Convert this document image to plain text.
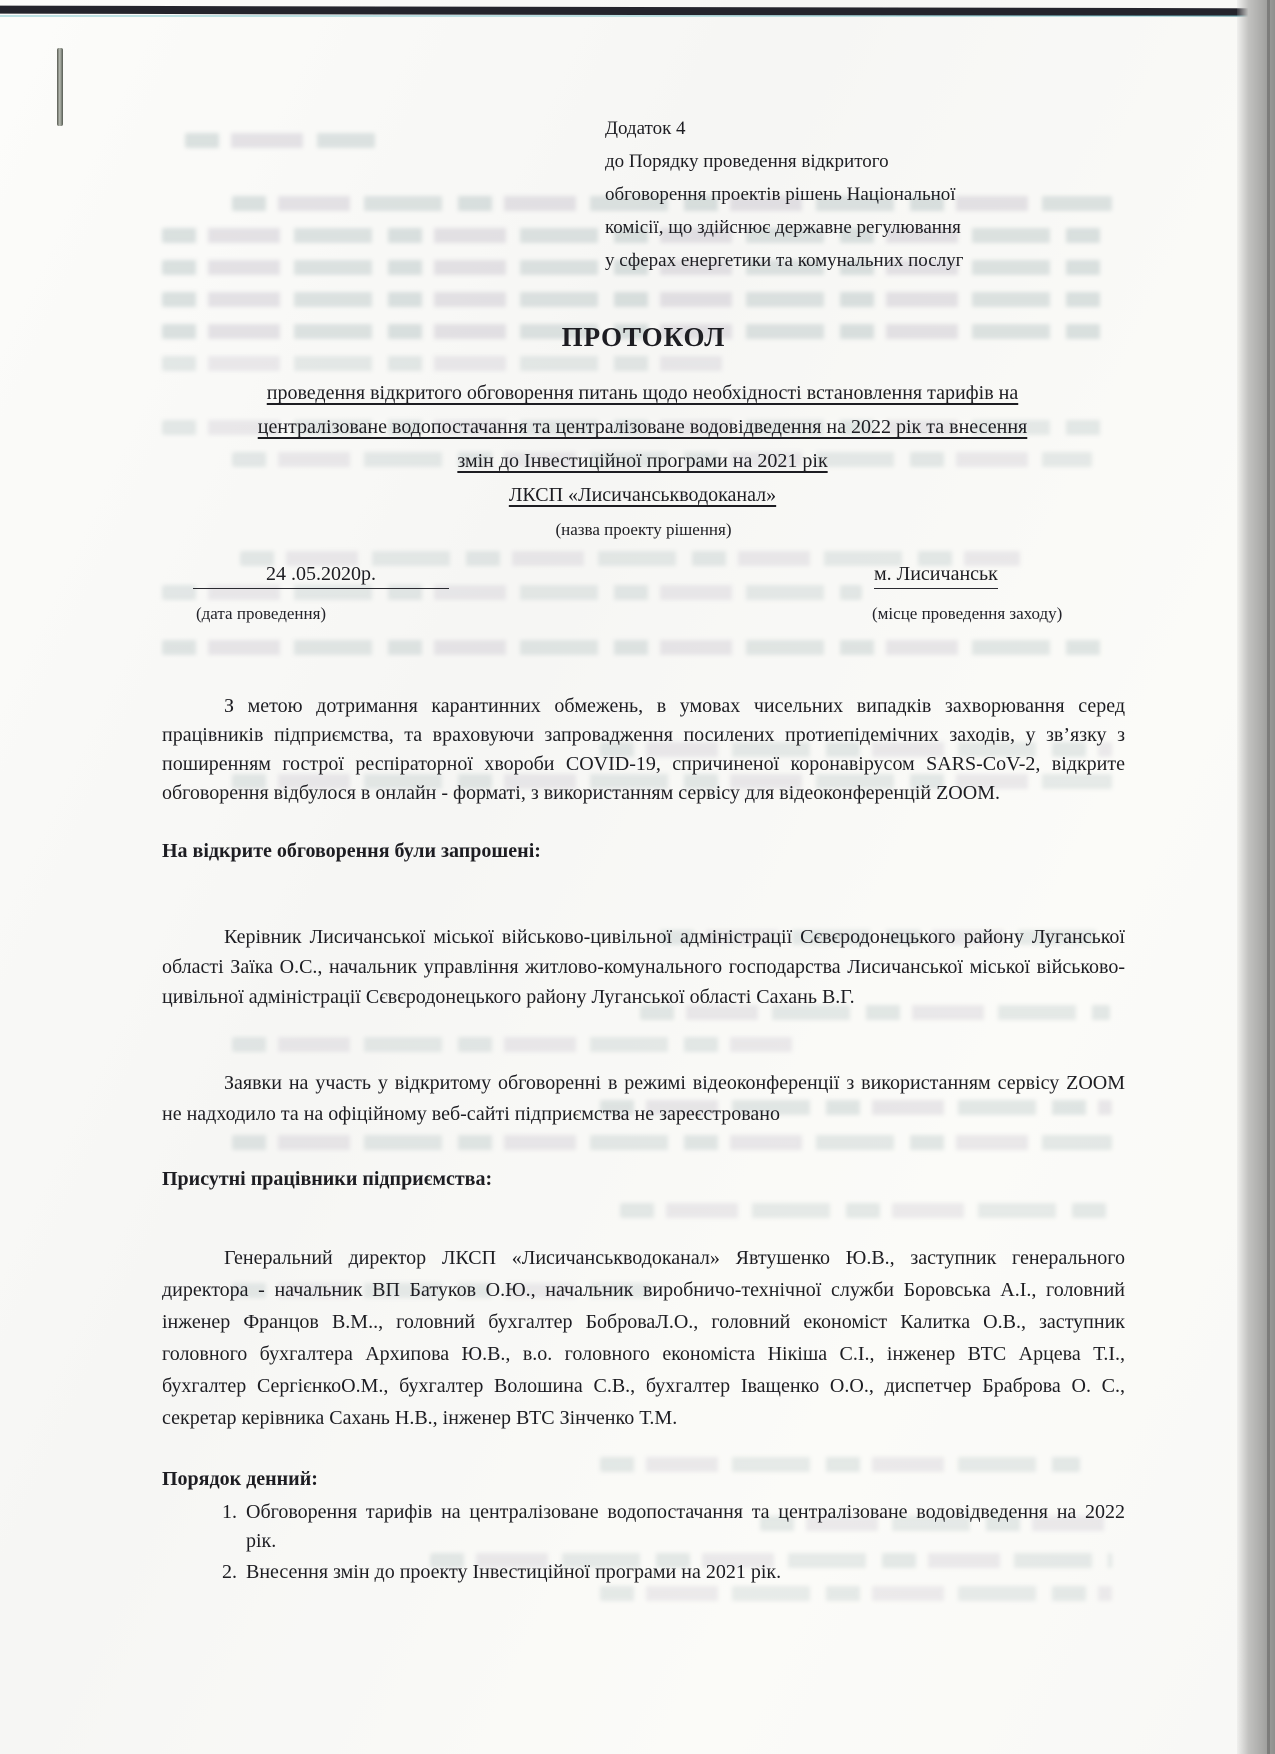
Додаток 4
до Порядку проведення відкритого
обговорення проектів рішень Національної
комісії, що здійснює державне регулювання
у сферах енергетики та комунальних послуг
ПРОТОКОЛ
проведення відкритого обговорення питань щодо необхідності встановлення тарифів на
централізоване водопостачання та централізоване водовідведення на 2022 рік та внесення
змін до Інвестиційної програми на 2021 рік
ЛКСП «Лисичанськводоканал»
(назва проекту рішення)
24 .05.2020р.	м. Лисичанськ
(дата проведення)	(місце проведення заходу)

З метою дотримання карантинних обмежень, в умовах чисельних випадків захворювання серед працівників підприємства, та враховуючи запровадження посилених протиепідемічних заходів, у зв’язку з поширенням гострої респіраторної хвороби COVID-19, спричиненої коронавірусом SARS-CoV-2, відкрите обговорення відбулося в онлайн - форматі, з використанням сервісу для відеоконференцій ZOOM.

На відкрите обговорення були запрошені:

Керівник Лисичанської міської військово-цивільної адміністрації Сєвєродонецького району Луганської області Заїка О.С., начальник управління житлово-комунального господарства Лисичанської міської військово-цивільної адміністрації Сєвєродонецького району Луганської області Сахань В.Г.

Заявки на участь у відкритому обговоренні в режимі відеоконференції з використанням сервісу ZOOM не надходило та на офіційному веб-сайті підприємства не зареєстровано

Присутні працівники підприємства:

Генеральний директор ЛКСП «Лисичанськводоканал» Явтушенко Ю.В., заступник генерального директора - начальник ВП Батуков О.Ю., начальник виробничо-технічної служби Боровська А.І., головний інженер Францов В.М.., головний бухгалтер БоброваЛ.О., головний економіст Калитка О.В., заступник головного бухгалтера Архипова Ю.В., в.о. головного економіста Нікіша С.І., інженер ВТС Арцева Т.І., бухгалтер СергієнкоО.М., бухгалтер Волошина С.В., бухгалтер Іващенко О.О., диспетчер Браброва О. С., секретар керівника Сахань Н.В., інженер ВТС Зінченко Т.М.

Порядок денний:
1. Обговорення тарифів на централізоване водопостачання та централізоване водовідведення на 2022 рік.
2. Внесення змін до проекту Інвестиційної програми на 2021 рік.
